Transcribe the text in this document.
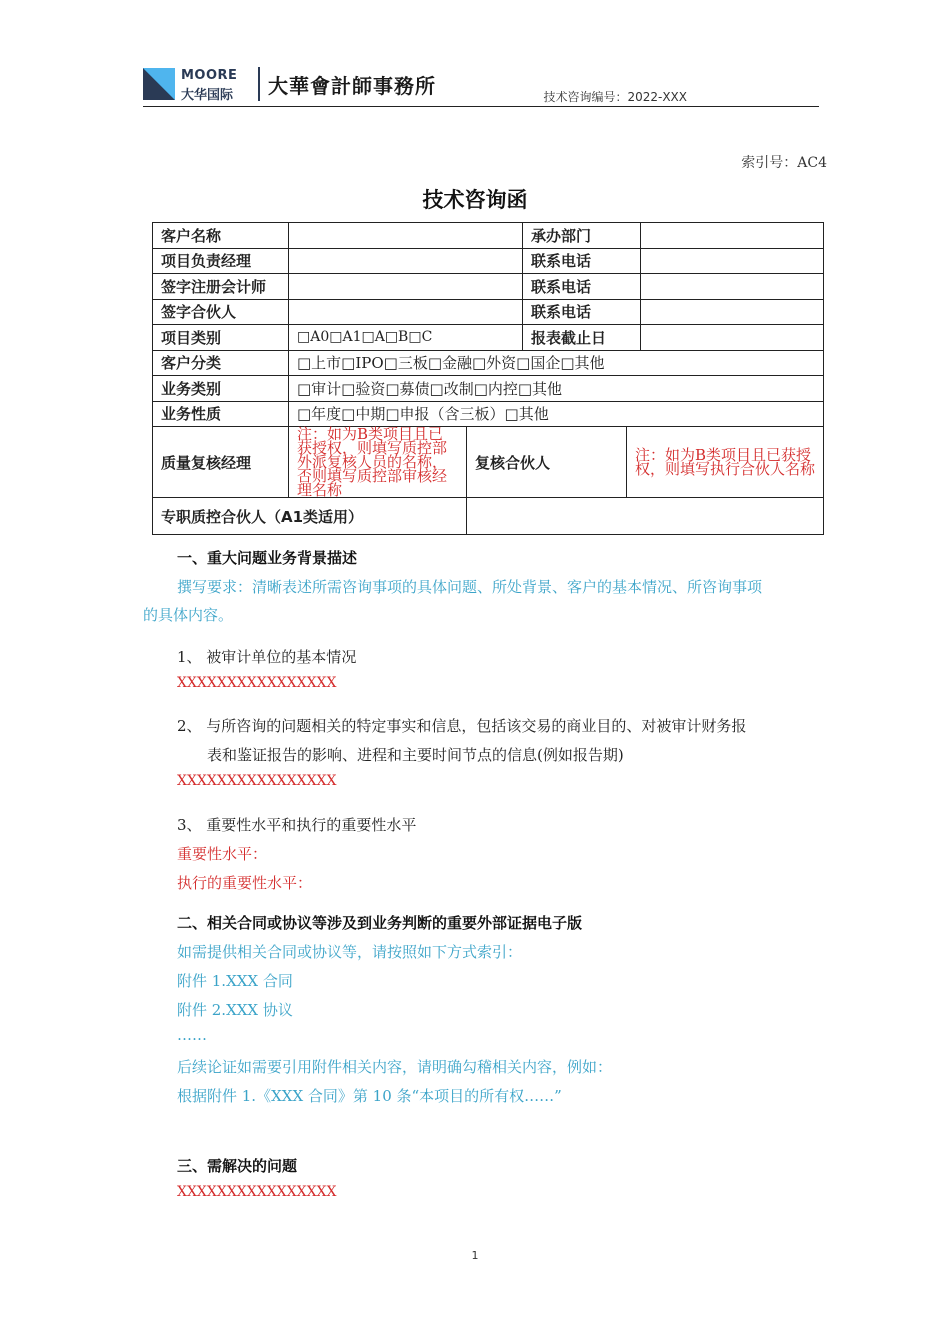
MOORE
大华国际 大華會計師事務所	技术咨询编号：2022-XXX
索引号：AC4
技术咨询函
客户名称			承办部门		
项目负责经理			联系电话		
签字注册会计师			联系电话		
签字合伙人			联系电话		
项目类别	□A0□A1□A□B□C		报表截止日		
客户分类	□上市□IPO□三板□金融□外资□国企□其他				
业务类别	□审计□验资□募债□改制□内控□其他				
业务性质	□年度□中期□申报（含三板）□其他				
质量复核经理	注：如为B类项目且已获授权，则填写质控部外派复核人员的名称，否则填写质控部审核经理名称	复核合伙人		注：如为B类项目且已获授权，则填写执行合伙人名称	
专职质控合伙人（A1类适用）					
一、重大问题业务背景描述
撰写要求：清晰表述所需咨询事项的具体问题、所处背景、客户的基本情况、所咨询事项
的具体内容。
1、 被审计单位的基本情况
XXXXXXXXXXXXXXXX
2、 与所咨询的问题相关的特定事实和信息，包括该交易的商业目的、对被审计财务报
表和鉴证报告的影响、进程和主要时间节点的信息(例如报告期)
XXXXXXXXXXXXXXXX
3、 重要性水平和执行的重要性水平
重要性水平：
执行的重要性水平：
二、相关合同或协议等涉及到业务判断的重要外部证据电子版
如需提供相关合同或协议等，请按照如下方式索引：
附件 1.XXX 合同
附件 2.XXX 协议
……
后续论证如需要引用附件相关内容，请明确勾稽相关内容，例如：
根据附件 1.《XXX 合同》第 10 条“本项目的所有权……”
三、需解决的问题
XXXXXXXXXXXXXXXX
1
